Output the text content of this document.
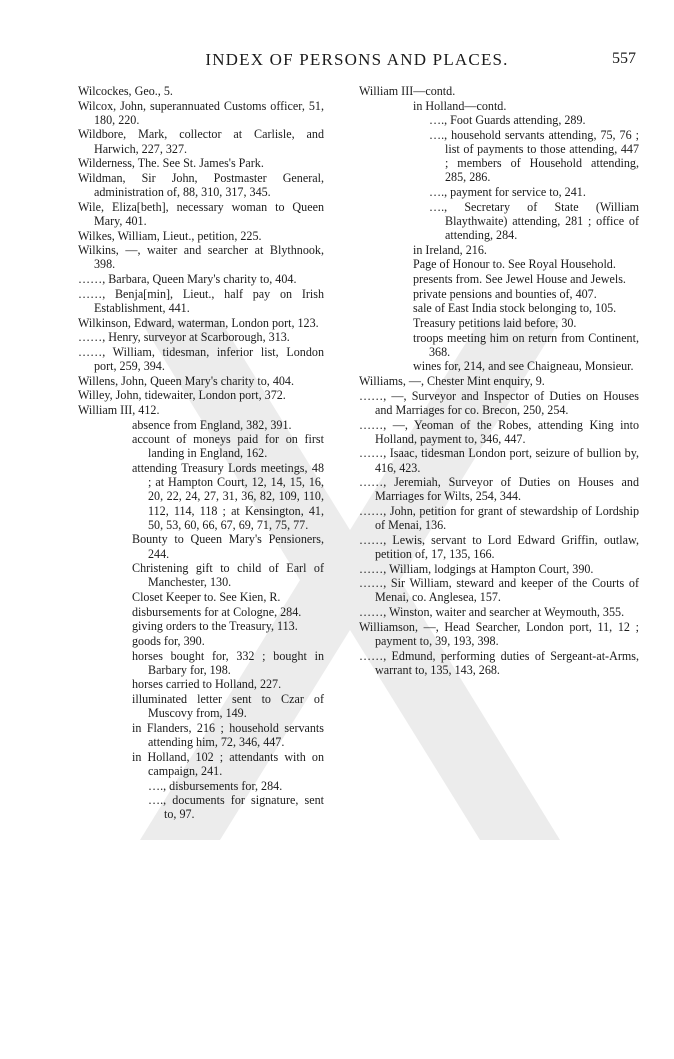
INDEX OF PERSONS AND PLACES.	557
Wilcockes, Geo., 5.
Wilcox, John, superannuated Customs officer, 51, 180, 220.
Wildbore, Mark, collector at Carlisle, and Harwich, 227, 327.
Wilderness, The. See St. James's Park.
Wildman, Sir John, Postmaster General, administration of, 88, 310, 317, 345.
Wile, Eliza[beth], necessary woman to Queen Mary, 401.
Wilkes, William, Lieut., petition, 225.
Wilkins, —, waiter and searcher at Blythnook, 398.
……, Barbara, Queen Mary's charity to, 404.
……, Benja[min], Lieut., half pay on Irish Establishment, 441.
Wilkinson, Edward, waterman, London port, 123.
……, Henry, surveyor at Scarborough, 313.
……, William, tidesman, inferior list, London port, 259, 394.
Willens, John, Queen Mary's charity to, 404.
Willey, John, tidewaiter, London port, 372.
William III, 412.
absence from England, 382, 391.
account of moneys paid for on first landing in England, 162.
attending Treasury Lords meetings, 48 ; at Hampton Court, 12, 14, 15, 16, 20, 22, 24, 27, 31, 36, 82, 109, 110, 112, 114, 118 ; at Kensington, 41, 50, 53, 60, 66, 67, 69, 71, 75, 77.
Bounty to Queen Mary's Pensioners, 244.
Christening gift to child of Earl of Manchester, 130.
Closet Keeper to. See Kien, R.
disbursements for at Cologne, 284.
giving orders to the Treasury, 113.
goods for, 390.
horses bought for, 332 ; bought in Barbary for, 198.
horses carried to Holland, 227.
illuminated letter sent to Czar of Muscovy from, 149.
in Flanders, 216 ; household servants attending him, 72, 346, 447.
in Holland, 102 ; attendants with on campaign, 241.
…., disbursements for, 284.
…., documents for signature, sent to, 97.
William III—contd.
in Holland—contd.
…., Foot Guards attending, 289.
…., household servants attending, 75, 76 ; list of payments to those attending, 447 ; members of Household attending, 285, 286.
…., payment for service to, 241.
…., Secretary of State (William Blaythwaite) attending, 281 ; office of attending, 284.
in Ireland, 216.
Page of Honour to. See Royal Household.
presents from. See Jewel House and Jewels.
private pensions and bounties of, 407.
sale of East India stock belonging to, 105.
Treasury petitions laid before, 30.
troops meeting him on return from Continent, 368.
wines for, 214, and see Chaigneau, Monsieur.
Williams, —, Chester Mint enquiry, 9.
……, —, Surveyor and Inspector of Duties on Houses and Marriages for co. Brecon, 250, 254.
……, —, Yeoman of the Robes, attending King into Holland, payment to, 346, 447.
……, Isaac, tidesman London port, seizure of bullion by, 416, 423.
……, Jeremiah, Surveyor of Duties on Houses and Marriages for Wilts, 254, 344.
……, John, petition for grant of stewardship of Lordship of Menai, 136.
……, Lewis, servant to Lord Edward Griffin, outlaw, petition of, 17, 135, 166.
……, William, lodgings at Hampton Court, 390.
……, Sir William, steward and keeper of the Courts of Menai, co. Anglesea, 157.
……, Winston, waiter and searcher at Weymouth, 355.
Williamson, —, Head Searcher, London port, 11, 12 ; payment to, 39, 193, 398.
……, Edmund, performing duties of Sergeant-at-Arms, warrant to, 135, 143, 268.
